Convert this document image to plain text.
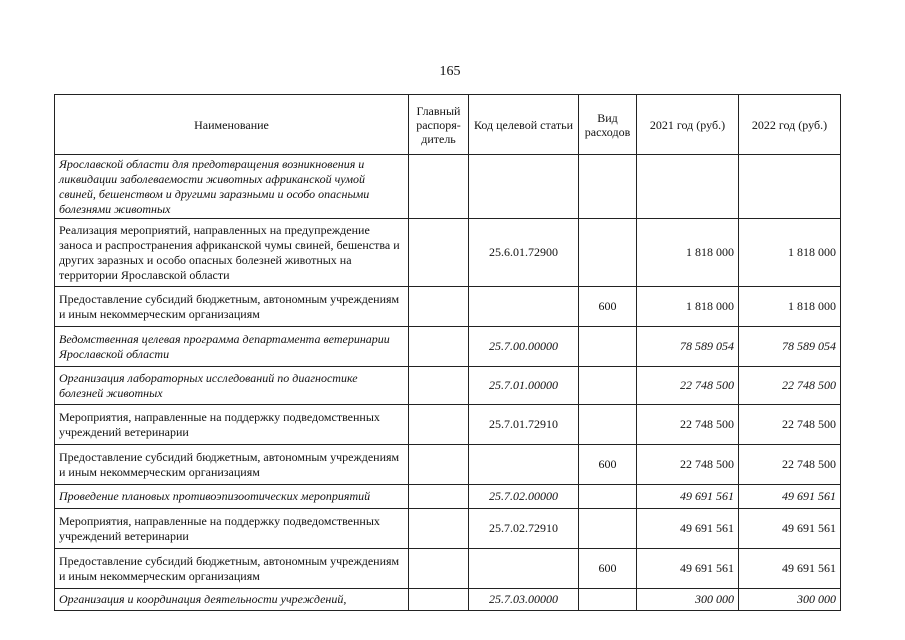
165
Наименование	Главный распоря-дитель	Код целевой статьи	Вид расходов	2021 год (руб.)	2022 год (руб.)
Ярославской области для предотвращения возникновения и ликвидации заболеваемости животных африканской чумой свиней, бешенством и другими заразными и особо опасными болезнями животных					
Реализация мероприятий, направленных на предупреждение заноса и распространения африканской чумы свиней, бешенства и других заразных и особо опасных болезней животных на территории Ярославской области		25.6.01.72900		1 818 000	1 818 000
Предоставление субсидий бюджетным, автономным учреждениям и иным некоммерческим организациям			600	1 818 000	1 818 000
Ведомственная целевая программа департамента ветеринарии Ярославской области		25.7.00.00000		78 589 054	78 589 054
Организация лабораторных исследований по диагностике болезней животных		25.7.01.00000		22 748 500	22 748 500
Мероприятия, направленные на поддержку подведомственных учреждений ветеринарии		25.7.01.72910		22 748 500	22 748 500
Предоставление субсидий бюджетным, автономным учреждениям и иным некоммерческим организациям			600	22 748 500	22 748 500
Проведение плановых противоэпизоотических мероприятий		25.7.02.00000		49 691 561	49 691 561
Мероприятия, направленные на поддержку подведомственных учреждений ветеринарии		25.7.02.72910		49 691 561	49 691 561
Предоставление субсидий бюджетным, автономным учреждениям и иным некоммерческим организациям			600	49 691 561	49 691 561
Организация и координация деятельности учреждений,		25.7.03.00000		300 000	300 000
